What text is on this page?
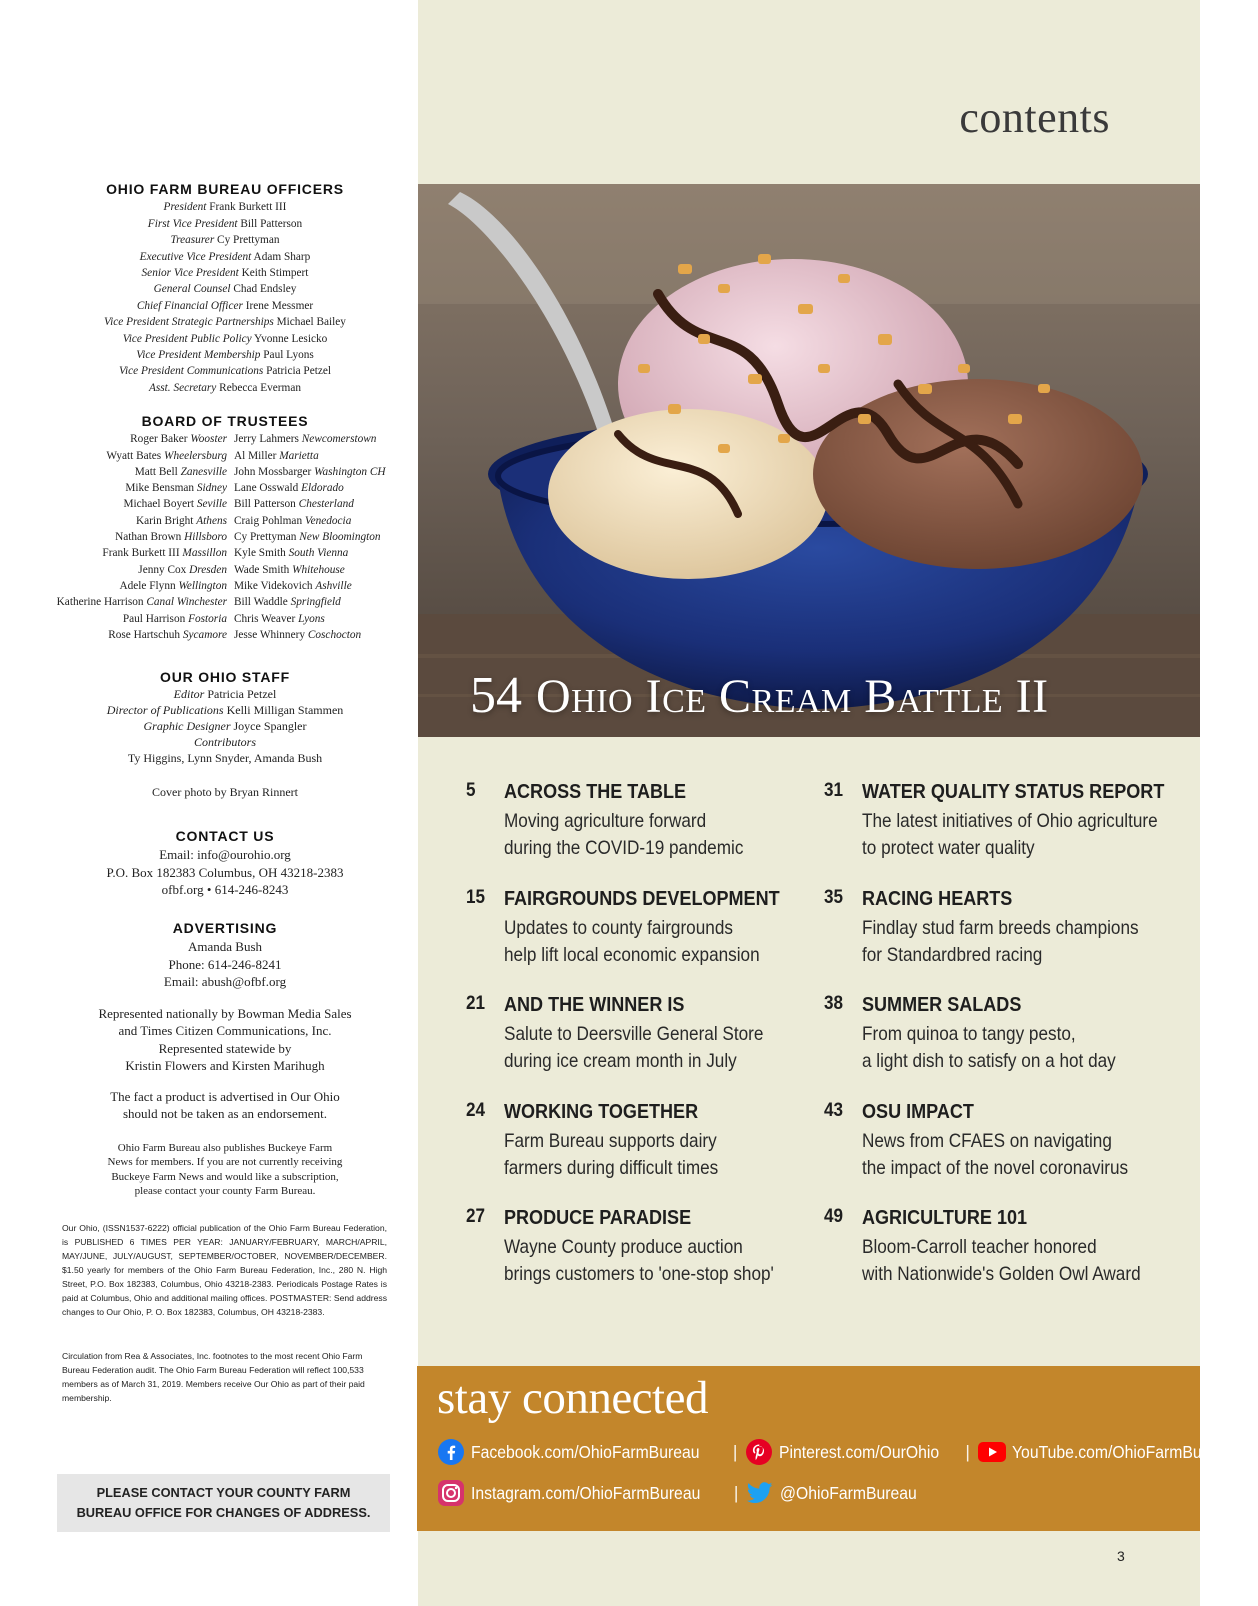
OHIO FARM BUREAU OFFICERS
President Frank Burkett III
First Vice President Bill Patterson
Treasurer Cy Prettyman
Executive Vice President Adam Sharp
Senior Vice President Keith Stimpert
General Counsel Chad Endsley
Chief Financial Officer Irene Messmer
Vice President Strategic Partnerships Michael Bailey
Vice President Public Policy Yvonne Lesicko
Vice President Membership Paul Lyons
Vice President Communications Patricia Petzel
Asst. Secretary Rebecca Everman
BOARD OF TRUSTEES
Roger Baker Wooster Jerry Lahmers Newcomerstown
Wyatt Bates Wheelersburg Al Miller Marietta
Matt Bell Zanesville John Mossbarger Washington CH
Mike Bensman Sidney Lane Osswald Eldorado
Michael Boyert Seville Bill Patterson Chesterland
Karin Bright Athens Craig Pohlman Venedocia
Nathan Brown Hillsboro Cy Prettyman New Bloomington
Frank Burkett III Massillon Kyle Smith South Vienna
Jenny Cox Dresden Wade Smith Whitehouse
Adele Flynn Wellington Mike Videkovich Ashville
Katherine Harrison Canal Winchester Bill Waddle Springfield
Paul Harrison Fostoria Chris Weaver Lyons
Rose Hartschuh Sycamore Jesse Whinnery Coschocton
OUR OHIO STAFF
Editor Patricia Petzel
Director of Publications Kelli Milligan Stammen
Graphic Designer Joyce Spangler
Contributors
Ty Higgins, Lynn Snyder, Amanda Bush
Cover photo by Bryan Rinnert
CONTACT US
Email: info@ourohio.org
P.O. Box 182383 Columbus, OH 43218-2383
ofbf.org • 614-246-8243
ADVERTISING
Amanda Bush
Phone: 614-246-8241
Email: abush@ofbf.org
Represented nationally by Bowman Media Sales
and Times Citizen Communications, Inc.
Represented statewide by
Kristin Flowers and Kirsten Marihugh
The fact a product is advertised in Our Ohio
should not be taken as an endorsement.
Ohio Farm Bureau also publishes Buckeye Farm
News for members. If you are not currently receiving
Buckeye Farm News and would like a subscription,
please contact your county Farm Bureau.
Our Ohio, (ISSN1537-6222) official publication of the Ohio Farm Bureau Federation, is PUBLISHED 6 TIMES PER YEAR: JANUARY/FEBRUARY, MARCH/APRIL, MAY/JUNE, JULY/AUGUST, SEPTEMBER/OCTOBER, NOVEMBER/DECEMBER. $1.50 yearly for members of the Ohio Farm Bureau Federation, Inc., 280 N. High Street, P.O. Box 182383, Columbus, Ohio 43218-2383. Periodicals Postage Rates is paid at Columbus, Ohio and additional mailing offices. POSTMASTER: Send address changes to Our Ohio, P. O. Box 182383, Columbus, OH 43218-2383.
Circulation from Rea & Associates, Inc. footnotes to the most recent Ohio Farm Bureau Federation audit. The Ohio Farm Bureau Federation will reflect 100,533 members as of March 31, 2019. Members receive Our Ohio as part of their paid membership.
PLEASE CONTACT YOUR COUNTY FARM
BUREAU OFFICE FOR CHANGES OF ADDRESS.
contents
54 Ohio Ice Cream Battle II
5 ACROSS THE TABLE
Moving agriculture forward
during the COVID-19 pandemic
15 FAIRGROUNDS DEVELOPMENT
Updates to county fairgrounds
help lift local economic expansion
21 AND THE WINNER IS
Salute to Deersville General Store
during ice cream month in July
24 WORKING TOGETHER
Farm Bureau supports dairy
farmers during difficult times
27 PRODUCE PARADISE
Wayne County produce auction
brings customers to 'one-stop shop'
31 WATER QUALITY STATUS REPORT
The latest initiatives of Ohio agriculture
to protect water quality
35 RACING HEARTS
Findlay stud farm breeds champions
for Standardbred racing
38 SUMMER SALADS
From quinoa to tangy pesto,
a light dish to satisfy on a hot day
43 OSU IMPACT
News from CFAES on navigating
the impact of the novel coronavirus
49 AGRICULTURE 101
Bloom-Carroll teacher honored
with Nationwide's Golden Owl Award
stay connected
Facebook.com/OhioFarmBureau | Pinterest.com/OurOhio | YouTube.com/OhioFarmBureau
Instagram.com/OhioFarmBureau | @OhioFarmBureau
3
